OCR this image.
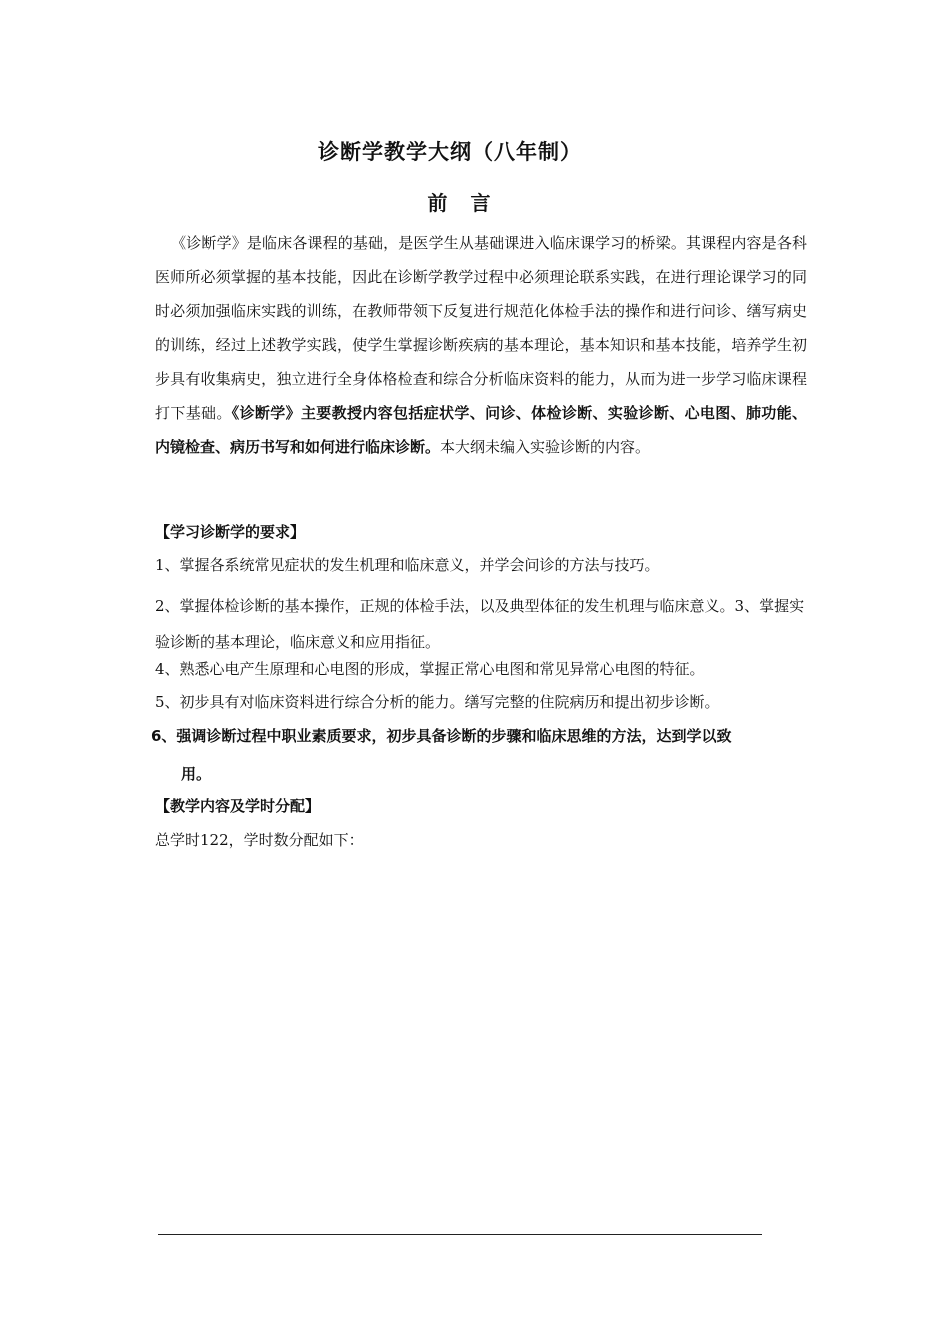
诊断学教学大纲（八年制）
前 言

《诊断学》是临床各课程的基础，是医学生从基础课进入临床课学习的桥梁。其课程内容是各科医师所必须掌握的基本技能，因此在诊断学教学过程中必须理论联系实践，在进行理论课学习的同时必须加强临床实践的训练，在教师带领下反复进行规范化体检手法的操作和进行问诊、缮写病史的训练，经过上述教学实践，使学生掌握诊断疾病的基本理论，基本知识和基本技能，培养学生初步具有收集病史，独立进行全身体格检查和综合分析临床资料的能力，从而为进一步学习临床课程打下基础。《诊断学》主要教授内容包括症状学、问诊、体检诊断、实验诊断、心电图、肺功能、内镜检查、病历书写和如何进行临床诊断。本大纲未编入实验诊断的内容。

【学习诊断学的要求】

1、掌握各系统常见症状的发生机理和临床意义，并学会问诊的方法与技巧。

2、掌握体检诊断的基本操作，正规的体检手法，以及典型体征的发生机理与临床意义。3、掌握实验诊断的基本理论，临床意义和应用指征。

4、熟悉心电产生原理和心电图的形成，掌握正常心电图和常见异常心电图的特征。

5、初步具有对临床资料进行综合分析的能力。缮写完整的住院病历和提出初步诊断。

6、强调诊断过程中职业素质要求，初步具备诊断的步骤和临床思维的方法，达到学以致
用。
【教学内容及学时分配】

总学时122，学时数分配如下：
